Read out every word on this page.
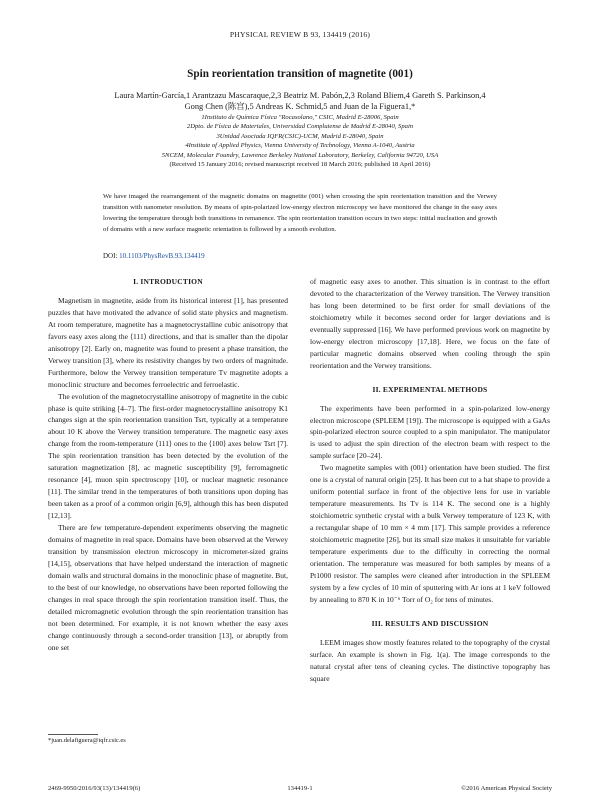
PHYSICAL REVIEW B 93, 134419 (2016)
Spin reorientation transition of magnetite (001)
Laura Martín-García,1 Arantzazu Mascaraque,2,3 Beatriz M. Pabón,2,3 Roland Bliem,4 Gareth S. Parkinson,4
Gong Chen (陈宫),5 Andreas K. Schmid,5 and Juan de la Figuera1,*
1Instituto de Química Física "Rocasolano," CSIC, Madrid E-28006, Spain
2Dpto. de Física de Materiales, Universidad Complutense de Madrid E-28040, Spain
3Unidad Asociada IQFR(CSIC)-UCM, Madrid E-28040, Spain
4Institute of Applied Physics, Vienna University of Technology, Vienna A-1040, Austria
5NCEM, Molecular Foundry, Lawrence Berkeley National Laboratory, Berkeley, California 94720, USA
(Received 15 January 2016; revised manuscript received 18 March 2016; published 18 April 2016)
We have imaged the rearrangement of the magnetic domains on magnetite (001) when crossing the spin reorientation transition and the Verwey transition with nanometer resolution. By means of spin-polarized low-energy electron microscopy we have monitored the change in the easy axes lowering the temperature through both transitions in remanence. The spin reorientation transition occurs in two steps: initial nucleation and growth of domains with a new surface magnetic orientation is followed by a smooth evolution.
DOI: 10.1103/PhysRevB.93.134419
I. INTRODUCTION

Magnetism in magnetite, aside from its historical interest [1], has presented puzzles that have motivated the advance of solid state physics and magnetism. At room temperature, magnetite has a magnetocrystalline cubic anisotropy that favors easy axes along the ⟨111⟩ directions, and that is smaller than the dipolar anisotropy [2]. Early on, magnetite was found to present a phase transition, the Verwey transition [3], where its resistivity changes by two orders of magnitude. Furthermore, below the Verwey transition temperature Tv magnetite adopts a monoclinic structure and becomes ferroelectric and ferroelastic.

The evolution of the magnetocrystalline anisotropy of magnetite in the cubic phase is quite striking [4–7]. The first-order magnetocrystalline anisotropy K1 changes sign at the spin reorientation transition Tsrt, typically at a temperature about 10 K above the Verwey transition temperature. The magnetic easy axes change from the room-temperature ⟨111⟩ ones to the ⟨100⟩ axes below Tsrt [7]. The spin reorientation transition has been detected by the evolution of the saturation magnetization [8], ac magnetic susceptibility [9], ferromagnetic resonance [4], muon spin spectroscopy [10], or nuclear magnetic resonance [11]. The similar trend in the temperatures of both transitions upon doping has been taken as a proof of a common origin [6,9], although this has been disputed [12,13].

There are few temperature-dependent experiments observing the magnetic domains of magnetite in real space. Domains have been observed at the Verwey transition by transmission electron microscopy in micrometer-sized grains [14,15], observations that have helped understand the interaction of magnetic domain walls and structural domains in the monoclinic phase of magnetite. But, to the best of our knowledge, no observations have been reported following the changes in real space through the spin reorientation transition itself. Thus, the detailed micromagnetic evolution through the spin reorientation transition has not been determined. For example, it is not known whether the easy axes change continuously through a second-order transition [13], or abruptly from one set

of magnetic easy axes to another. This situation is in contrast to the effort devoted to the characterization of the Verwey transition. The Verwey transition has long been determined to be first order for small deviations of the stoichiometry while it becomes second order for larger deviations and is eventually suppressed [16]. We have performed previous work on magnetite by low-energy electron microscopy [17,18]. Here, we focus on the fate of particular magnetic domains observed when cooling through the spin reorientation and the Verwey transitions.

II. EXPERIMENTAL METHODS

The experiments have been performed in a spin-polarized low-energy electron microscope (SPLEEM [19]). The microscope is equipped with a GaAs spin-polarized electron source coupled to a spin manipulator. The manipulator is used to adjust the spin direction of the electron beam with respect to the sample surface [20–24].

Two magnetite samples with (001) orientation have been studied. The first one is a crystal of natural origin [25]. It has been cut to a hat shape to provide a uniform potential surface in front of the objective lens for use in variable temperature measurements. Its Tv is 114 K. The second one is a highly stoichiometric synthetic crystal with a bulk Verwey temperature of 123 K, with a rectangular shape of 10 mm × 4 mm [17]. This sample provides a reference stoichiometric magnetite [26], but its small size makes it unsuitable for variable temperature experiments due to the difficulty in correcting the normal orientation. The temperature was measured for both samples by means of a Pt1000 resistor. The samples were cleaned after introduction in the SPLEEM system by a few cycles of 10 min of sputtering with Ar ions at 1 keV followed by annealing to 870 K in 10⁻⁶ Torr of O₂ for tens of minutes.

III. RESULTS AND DISCUSSION

LEEM images show mostly features related to the topography of the crystal surface. An example is shown in Fig. 1(a). The image corresponds to the natural crystal after tens of cleaning cycles. The distinctive topography has square

*juan.delafiguera@iqfr.csic.es
2469-9950/2016/93(13)/134419(6)	134419-1	©2016 American Physical Society
